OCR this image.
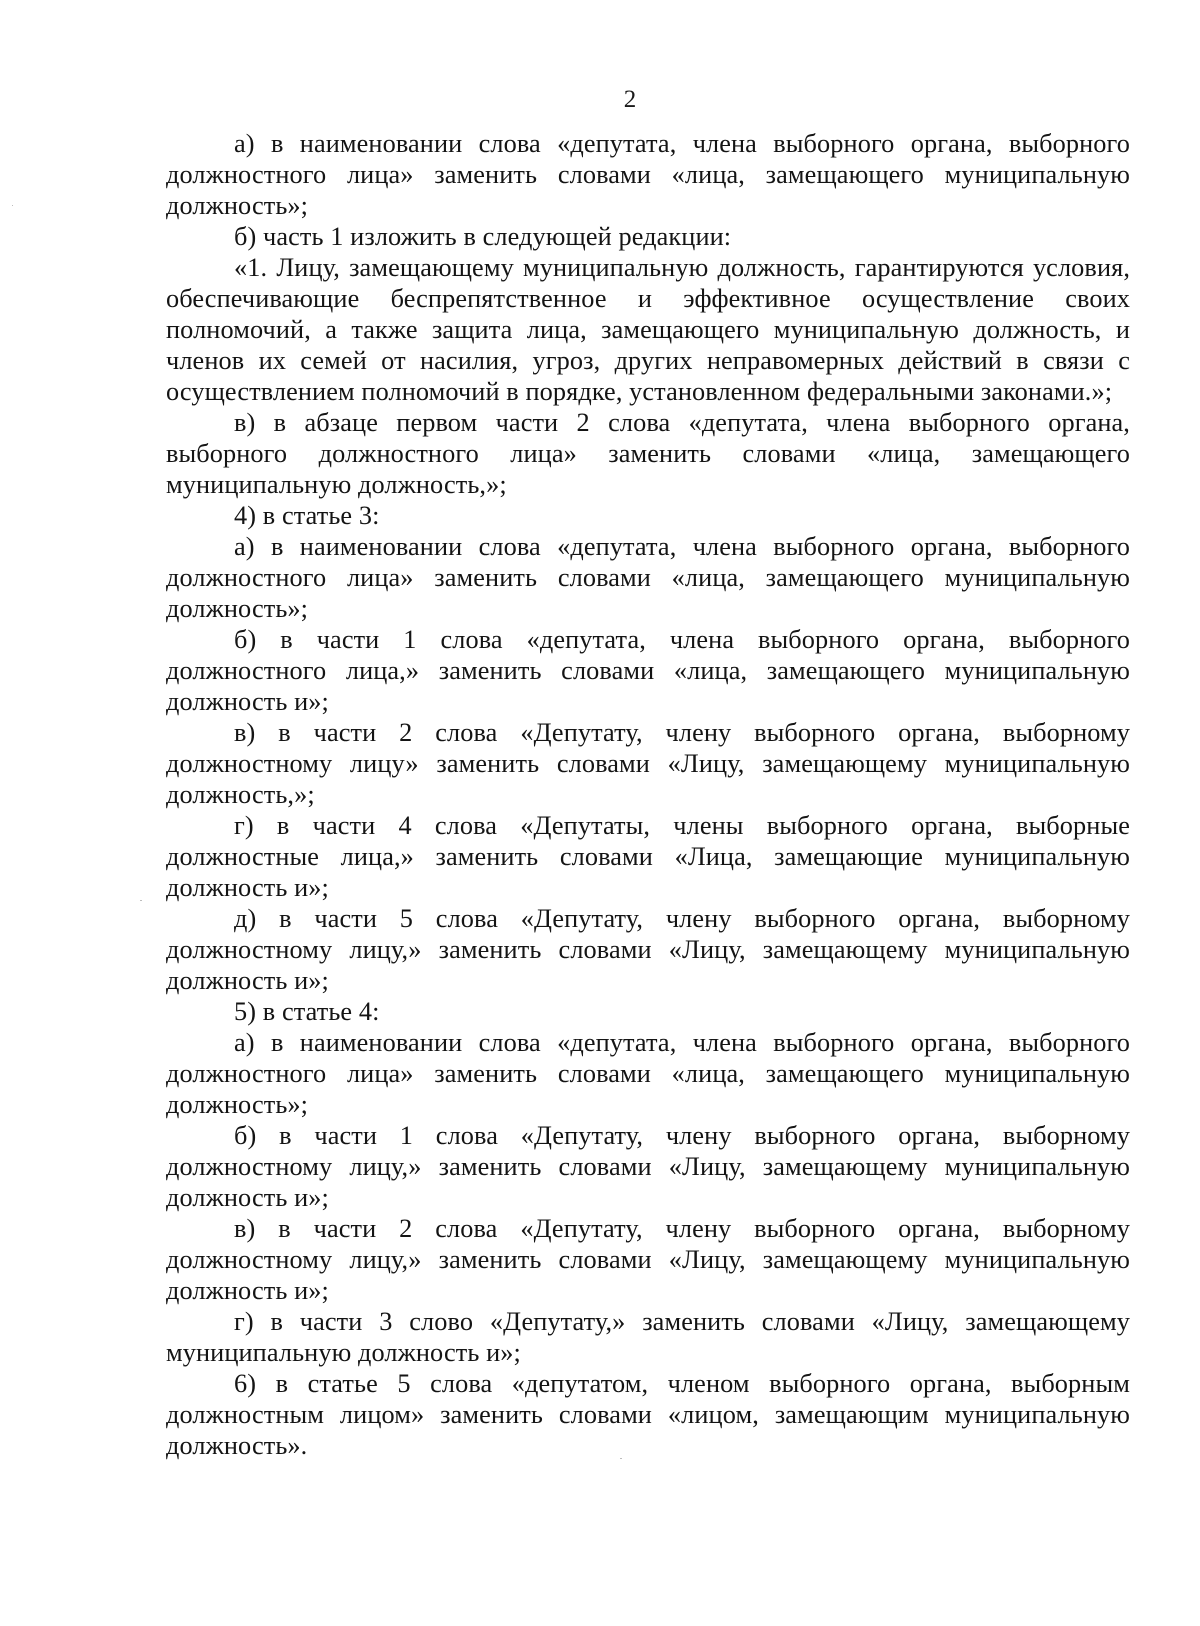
2

а) в наименовании слова «депутата, члена выборного органа, выборного должностного лица» заменить словами «лица, замещающего муниципальную должность»;

б) часть 1 изложить в следующей редакции:

«1. Лицу, замещающему муниципальную должность, гарантируются условия, обеспечивающие беспрепятственное и эффективное осуществление своих полномочий, а также защита лица, замещающего муниципальную должность, и членов их семей от насилия, угроз, других неправомерных действий в связи с осуществлением полномочий в порядке, установленном федеральными законами.»;

в) в абзаце первом части 2 слова «депутата, члена выборного органа, выборного должностного лица» заменить словами «лица, замещающего муниципальную должность,»;

4) в статье 3:

а) в наименовании слова «депутата, члена выборного органа, выборного должностного лица» заменить словами «лица, замещающего муниципальную должность»;

б) в части 1 слова «депутата, члена выборного органа, выборного должностного лица,» заменить словами «лица, замещающего муниципальную должность и»;

в) в части 2 слова «Депутату, члену выборного органа, выборному должностному лицу» заменить словами «Лицу, замещающему муниципальную должность,»;

г) в части 4 слова «Депутаты, члены выборного органа, выборные должностные лица,» заменить словами «Лица, замещающие муниципальную должность и»;

д) в части 5 слова «Депутату, члену выборного органа, выборному должностному лицу,» заменить словами «Лицу, замещающему муниципальную должность и»;

5) в статье 4:

а) в наименовании слова «депутата, члена выборного органа, выборного должностного лица» заменить словами «лица, замещающего муниципальную должность»;

б) в части 1 слова «Депутату, члену выборного органа, выборному должностному лицу,» заменить словами «Лицу, замещающему муниципальную должность и»;

в) в части 2 слова «Депутату, члену выборного органа, выборному должностному лицу,» заменить словами «Лицу, замещающему муниципальную должность и»;

г) в части 3 слово «Депутату,» заменить словами «Лицу, замещающему муниципальную должность и»;

6) в статье 5 слова «депутатом, членом выборного органа, выборным должностным лицом» заменить словами «лицом, замещающим муниципальную должность».
